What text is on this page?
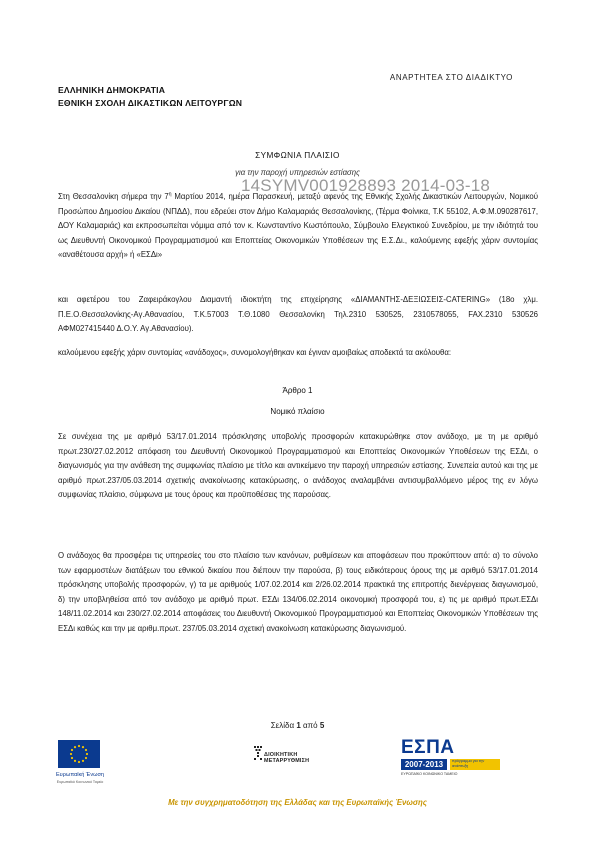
ΑΝΑΡΤΗΤΕΑ ΣΤΟ ΔΙΑΔΙΚΤΥΟ
ΕΛΛΗΝΙΚΗ ΔΗΜΟΚΡΑΤΙΑ
ΕΘΝΙΚΗ ΣΧΟΛΗ ΔΙΚΑΣΤΙΚΩΝ ΛΕΙΤΟΥΡΓΩΝ
ΣΥΜΦΩΝΙΑ ΠΛΑΙΣΙΟ
για την παροχή υπηρεσιών εστίασης
14SYMV001928893 2014-03-18
Στη Θεσσαλονίκη σήμερα την $7^\eta$ Μαρτίου 2014, ημέρα Παρασκευή, μεταξύ αφενός της Εθνικής Σχολής Δικαστικών Λειτουργών, Νομικού Προσώπου Δημοσίου Δικαίου (ΝΠΔΔ), που εδρεύει στον Δήμο Καλαμαριάς Θεσσαλονίκης, (Τέρμα Φοίνικα, Τ.Κ 55102, Α.Φ.Μ.090287617, ΔΟΥ Καλαμαριάς) και εκπροσωπείται νόμιμα από τον κ. Κωνσταντίνο Κωστόπουλο, Σύμβουλο Ελεγκτικού Συνεδρίου, με την ιδιότητά του ως Διευθυντή Οικονομικού Προγραμματισμού και Εποπτείας Οικονομικών Υποθέσεων της Ε.Σ.Δι., καλούμενης εφεξής χάριν συντομίας «αναθέτουσα αρχή» ή «ΕΣΔι»
και αφετέρου του Ζαφειράκογλου Διαμαντή ιδιοκτήτη της επιχείρησης «ΔΙΑΜΑΝΤΗΣ-ΔΕΞΙΩΣΕΙΣ-CATERING» (18ο χλμ. Π.Ε.Ο.Θεσσαλονίκης-Αγ.Αθανασίου, Τ.Κ.57003 Τ.Θ.1080 Θεσσαλονίκη Τηλ.2310 530525, 2310578055, FAX.2310 530526 ΑΦΜ027415440 Δ.Ο.Υ. Αγ.Αθανασίου).
καλούμενου εφεξής χάριν συντομίας «ανάδοχος», συνομολογήθηκαν και έγιναν αμοιβαίως αποδεκτά τα ακόλουθα:
Άρθρο 1
Νομικό πλαίσιο
Σε συνέχεια της με αριθμό 53/17.01.2014 πρόσκλησης υποβολής προσφορών κατακυρώθηκε στον ανάδοχο, με τη με αριθμό πρωτ.230/27.02.2012 απόφαση του Διευθυντή Οικονομικού Προγραμματισμού και Εποπτείας Οικονομικών Υποθέσεων της ΕΣΔι, ο διαγωνισμός για την ανάθεση της συμφωνίας πλαίσιο με τίτλο και αντικείμενο την παροχή υπηρεσιών εστίασης. Συνεπεία αυτού και της με αριθμό πρωτ.237/05.03.2014 σχετικής ανακοίνωσης κατακύρωσης, ο ανάδοχος αναλαμβάνει αντισυμβαλλόμενο μέρος της εν λόγω συμφωνίας πλαίσιο, σύμφωνα με τους όρους και προϋποθέσεις της παρούσας.
Ο ανάδοχος θα προσφέρει τις υπηρεσίες του στο πλαίσιο των κανόνων, ρυθμίσεων και αποφάσεων που προκύπτουν από: α) το σύνολο των εφαρμοστέων διατάξεων του εθνικού δικαίου που διέπουν την παρούσα, β) τους ειδικότερους όρους της με αριθμό 53/17.01.2014 πρόσκλησης υποβολής προσφορών, γ) τα με αριθμούς 1/07.02.2014 και 2/26.02.2014 πρακτικά της επιτροπής διενέργειας διαγωνισμού, δ) την υποβληθείσα από τον ανάδοχο με αριθμό πρωτ. ΕΣΔι 134/06.02.2014 οικονομική προσφορά του, ε) τις με αριθμό πρωτ.ΕΣΔι 148/11.02.2014 και 230/27.02.2014 αποφάσεις του Διευθυντή Οικονομικού Προγραμματισμού και Εποπτείας Οικονομικών Υποθέσεων της ΕΣΔι καθώς και την με αριθμ.πρωτ. 237/05.03.2014 σχετική ανακοίνωση κατακύρωσης διαγωνισμού.
Σελίδα 1 από 5
Ευρωπαϊκή Ένωση
Ευρωπαϊκό Κοινωνικό Ταμείο
ΔΙΟΙΚΗΤΙΚΗ
ΜΕΤΑΡΡΥΘΜΙΣΗ
ΕΣΠΑ
2007-2013	πρόγραμμα για την ανάπτυξη
ΕΥΡΩΠΑΪΚΟ ΚΟΙΝΩΝΙΚΟ ΤΑΜΕΙΟ
Με την συγχρηματοδότηση της Ελλάδας και της Ευρωπαϊκής Ένωσης
